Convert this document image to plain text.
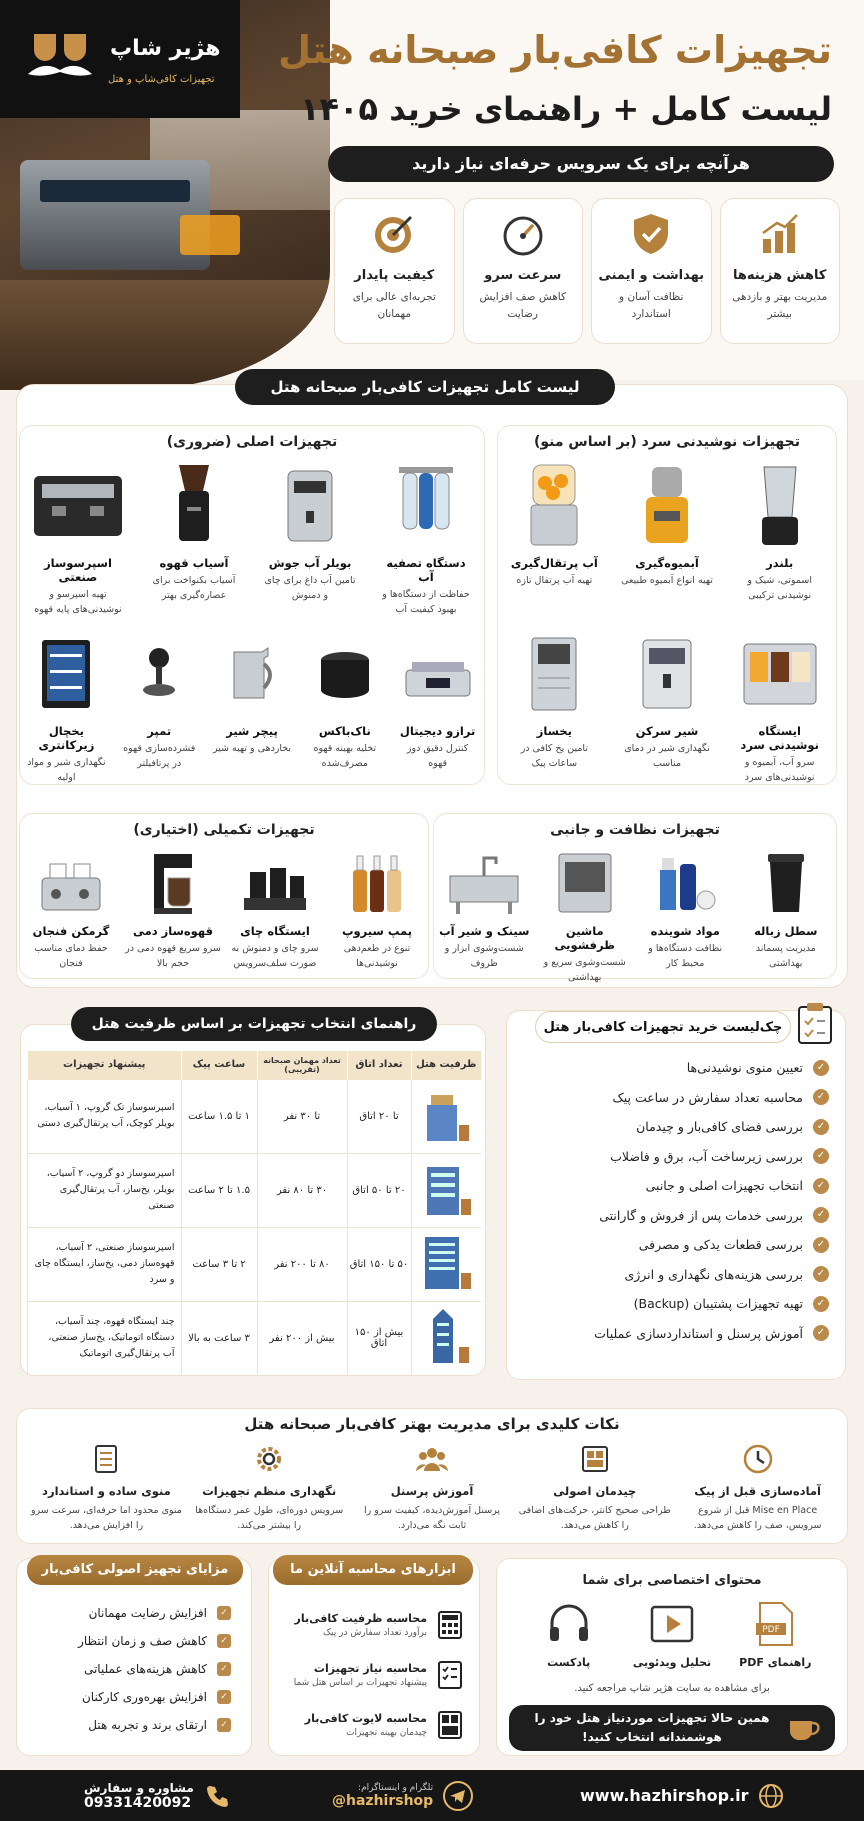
هژیر شاپ
تجهیزات کافی‌شاپ و هتل
تجهیزات کافی‌بار صبحانه هتل
لیست کامل + راهنمای خرید ۱۴۰۵
هرآنچه برای یک سرویس حرفه‌ای نیاز دارید
کاهش هزینه‌ها
مدیریت بهتر و بازدهی بیشتر
بهداشت و ایمنی
نظافت آسان و استاندارد
سرعت سرو
کاهش صف افزایش رضایت
کیفیت پایدار
تجربه‌ای عالی برای مهمانان
لیست کامل تجهیزات کافی‌بار صبحانه هتل
تجهیزات نوشیدنی سرد (بر اساس منو)
بلندر
اسموتی، شیک و نوشیدنی ترکیبی
آبمیوه‌گیری
تهیه انواع آبمیوه طبیعی
آب پرتقال‌گیری
تهیه آب پرتقال تازه
ایستگاه نوشیدنی سرد
سرو آب، آبمیوه و نوشیدنی‌های سرد
شیر سرکن
نگهداری شیر در دمای مناسب
یخساز
تامین یخ کافی در ساعات پیک
تجهیزات اصلی (ضروری)
دستگاه تصفیه آب
حفاظت از دستگاه‌ها و بهبود کیفیت آب
بویلر آب جوش
تامین آب داغ برای چای و دمنوش
آسیاب قهوه
آسیاب بکنواخت برای عصاره‌گیری بهتر
اسپرسوساز صنعتی
تهیه اسپرسو و نوشیدنی‌های پایه قهوه
ترازو دیجیتال
کنترل دقیق دوز قهوه
ناک‌باکس
تخلیه بهینه قهوه مصرف‌شده
پیچر شیر
بخاردهی و تهیه شیر
تمپر
فشرده‌سازی قهوه در پرتافیلتر
یخچال زیرکانتری
نگهداری شیر و مواد اولیه
تجهیزات نظافت و جانبی
سطل زباله
مدیریت پسماند بهداشتی
مواد شوینده
نظافت دستگاه‌ها و محیط کار
ماشین ظرفشویی
شست‌وشوی سریع و بهداشتی
سینک و شیر آب
شست‌وشوی ابزار و ظروف
تجهیزات تکمیلی (اختیاری)
پمپ سیروپ
تنوع در طعم‌دهی نوشیدنی‌ها
ایستگاه چای
سرو چای و دمنوش به صورت سلف‌سرویس
قهوه‌ساز دمی
سرو سریع قهوه دمی در حجم بالا
گرمکن فنجان
حفظ دمای مناسب فنجان
راهنمای انتخاب تجهیزات بر اساس ظرفیت هتل
ظرفیت هتل	تعداد اتاق	تعداد مهمان صبحانه (تقریبی)	ساعت پیک	پیشنهاد تجهیزات
	تا ۲۰ اتاق	تا ۳۰ نفر	۱ تا ۱.۵ ساعت	اسپرسوساز تک گروپ، ۱ آسیاب، بویلر کوچک، آب پرتقال‌گیری دستی
	۲۰ تا ۵۰ اتاق	۳۰ تا ۸۰ نفر	۱.۵ تا ۲ ساعت	اسپرسوساز دو گروپ، ۲ آسیاب، بویلر، یخ‌ساز، آب پرتقال‌گیری صنعتی
	۵۰ تا ۱۵۰ اتاق	۸۰ تا ۲۰۰ نفر	۲ تا ۳ ساعت	اسپرسوساز صنعتی، ۲ آسیاب، قهوه‌ساز دمی، یخ‌ساز، ایستگاه چای و سرد
	بیش از ۱۵۰ اتاق	بیش از ۲۰۰ نفر	۳ ساعت به بالا	چند ایستگاه قهوه، چند آسیاب، دستگاه اتوماتیک، یخ‌ساز صنعتی، آب پرتقال‌گیری اتوماتیک
چک‌لیست خرید تجهیزات کافی‌بار هتل
✓
تعیین منوی نوشیدنی‌ها
✓
محاسبه تعداد سفارش در ساعت پیک
✓
بررسی فضای کافی‌بار و چیدمان
✓
بررسی زیرساخت آب، برق و فاضلاب
✓
انتخاب تجهیزات اصلی و جانبی
✓
بررسی خدمات پس از فروش و گارانتی
✓
بررسی قطعات یدکی و مصرفی
✓
بررسی هزینه‌های نگهداری و انرژی
✓
تهیه تجهیزات پشتیبان (Backup)
✓
آموزش پرسنل و استانداردسازی عملیات
نکات کلیدی برای مدیریت بهتر کافی‌بار صبحانه هتل
آماده‌سازی قبل از پیک
Mise en Place قبل از شروع سرویس، صف را کاهش می‌دهد.
چیدمان اصولی
طراحی صحیح کانتر، حرکت‌های اضافی را کاهش می‌دهد.
آموزش پرسنل
پرسنل آموزش‌دیده، کیفیت سرو را ثابت نگه می‌دارد.
نگهداری منظم تجهیزات
سرویس دوره‌ای، طول عمر دستگاه‌ها را بیشتر می‌کند.
منوی ساده و استاندارد
منوی محدود اما حرفه‌ای، سرعت سرو را افزایش می‌دهد.
محتوای اختصاصی برای شما
PDF
راهنمای PDF
تحلیل ویدئویی
پادکست
برای مشاهده به سایت هژیر شاپ مراجعه کنید.
همین حالا تجهیزات موردنیاز هتل خود را
هوشمندانه انتخاب کنید!
ابزارهای محاسبه آنلاین ما
محاسبه ظرفیت کافی‌بار
برآورد تعداد سفارش در پیک
محاسبه نیاز تجهیزات
پیشنهاد تجهیزات بر اساس هتل شما
محاسبه لایوت کافی‌بار
چیدمان بهینه تجهیزات
مزایای تجهیز اصولی کافی‌بار
✓
افزایش رضایت مهمانان
✓
کاهش صف و زمان انتظار
✓
کاهش هزینه‌های عملیاتی
✓
افزایش بهره‌وری کارکنان
✓
ارتقای برند و تجربه هتل
www.hazhirshop.ir
تلگرام و اینستاگرام:
@hazhirshop
مشاوره و سفارش
09331420092
